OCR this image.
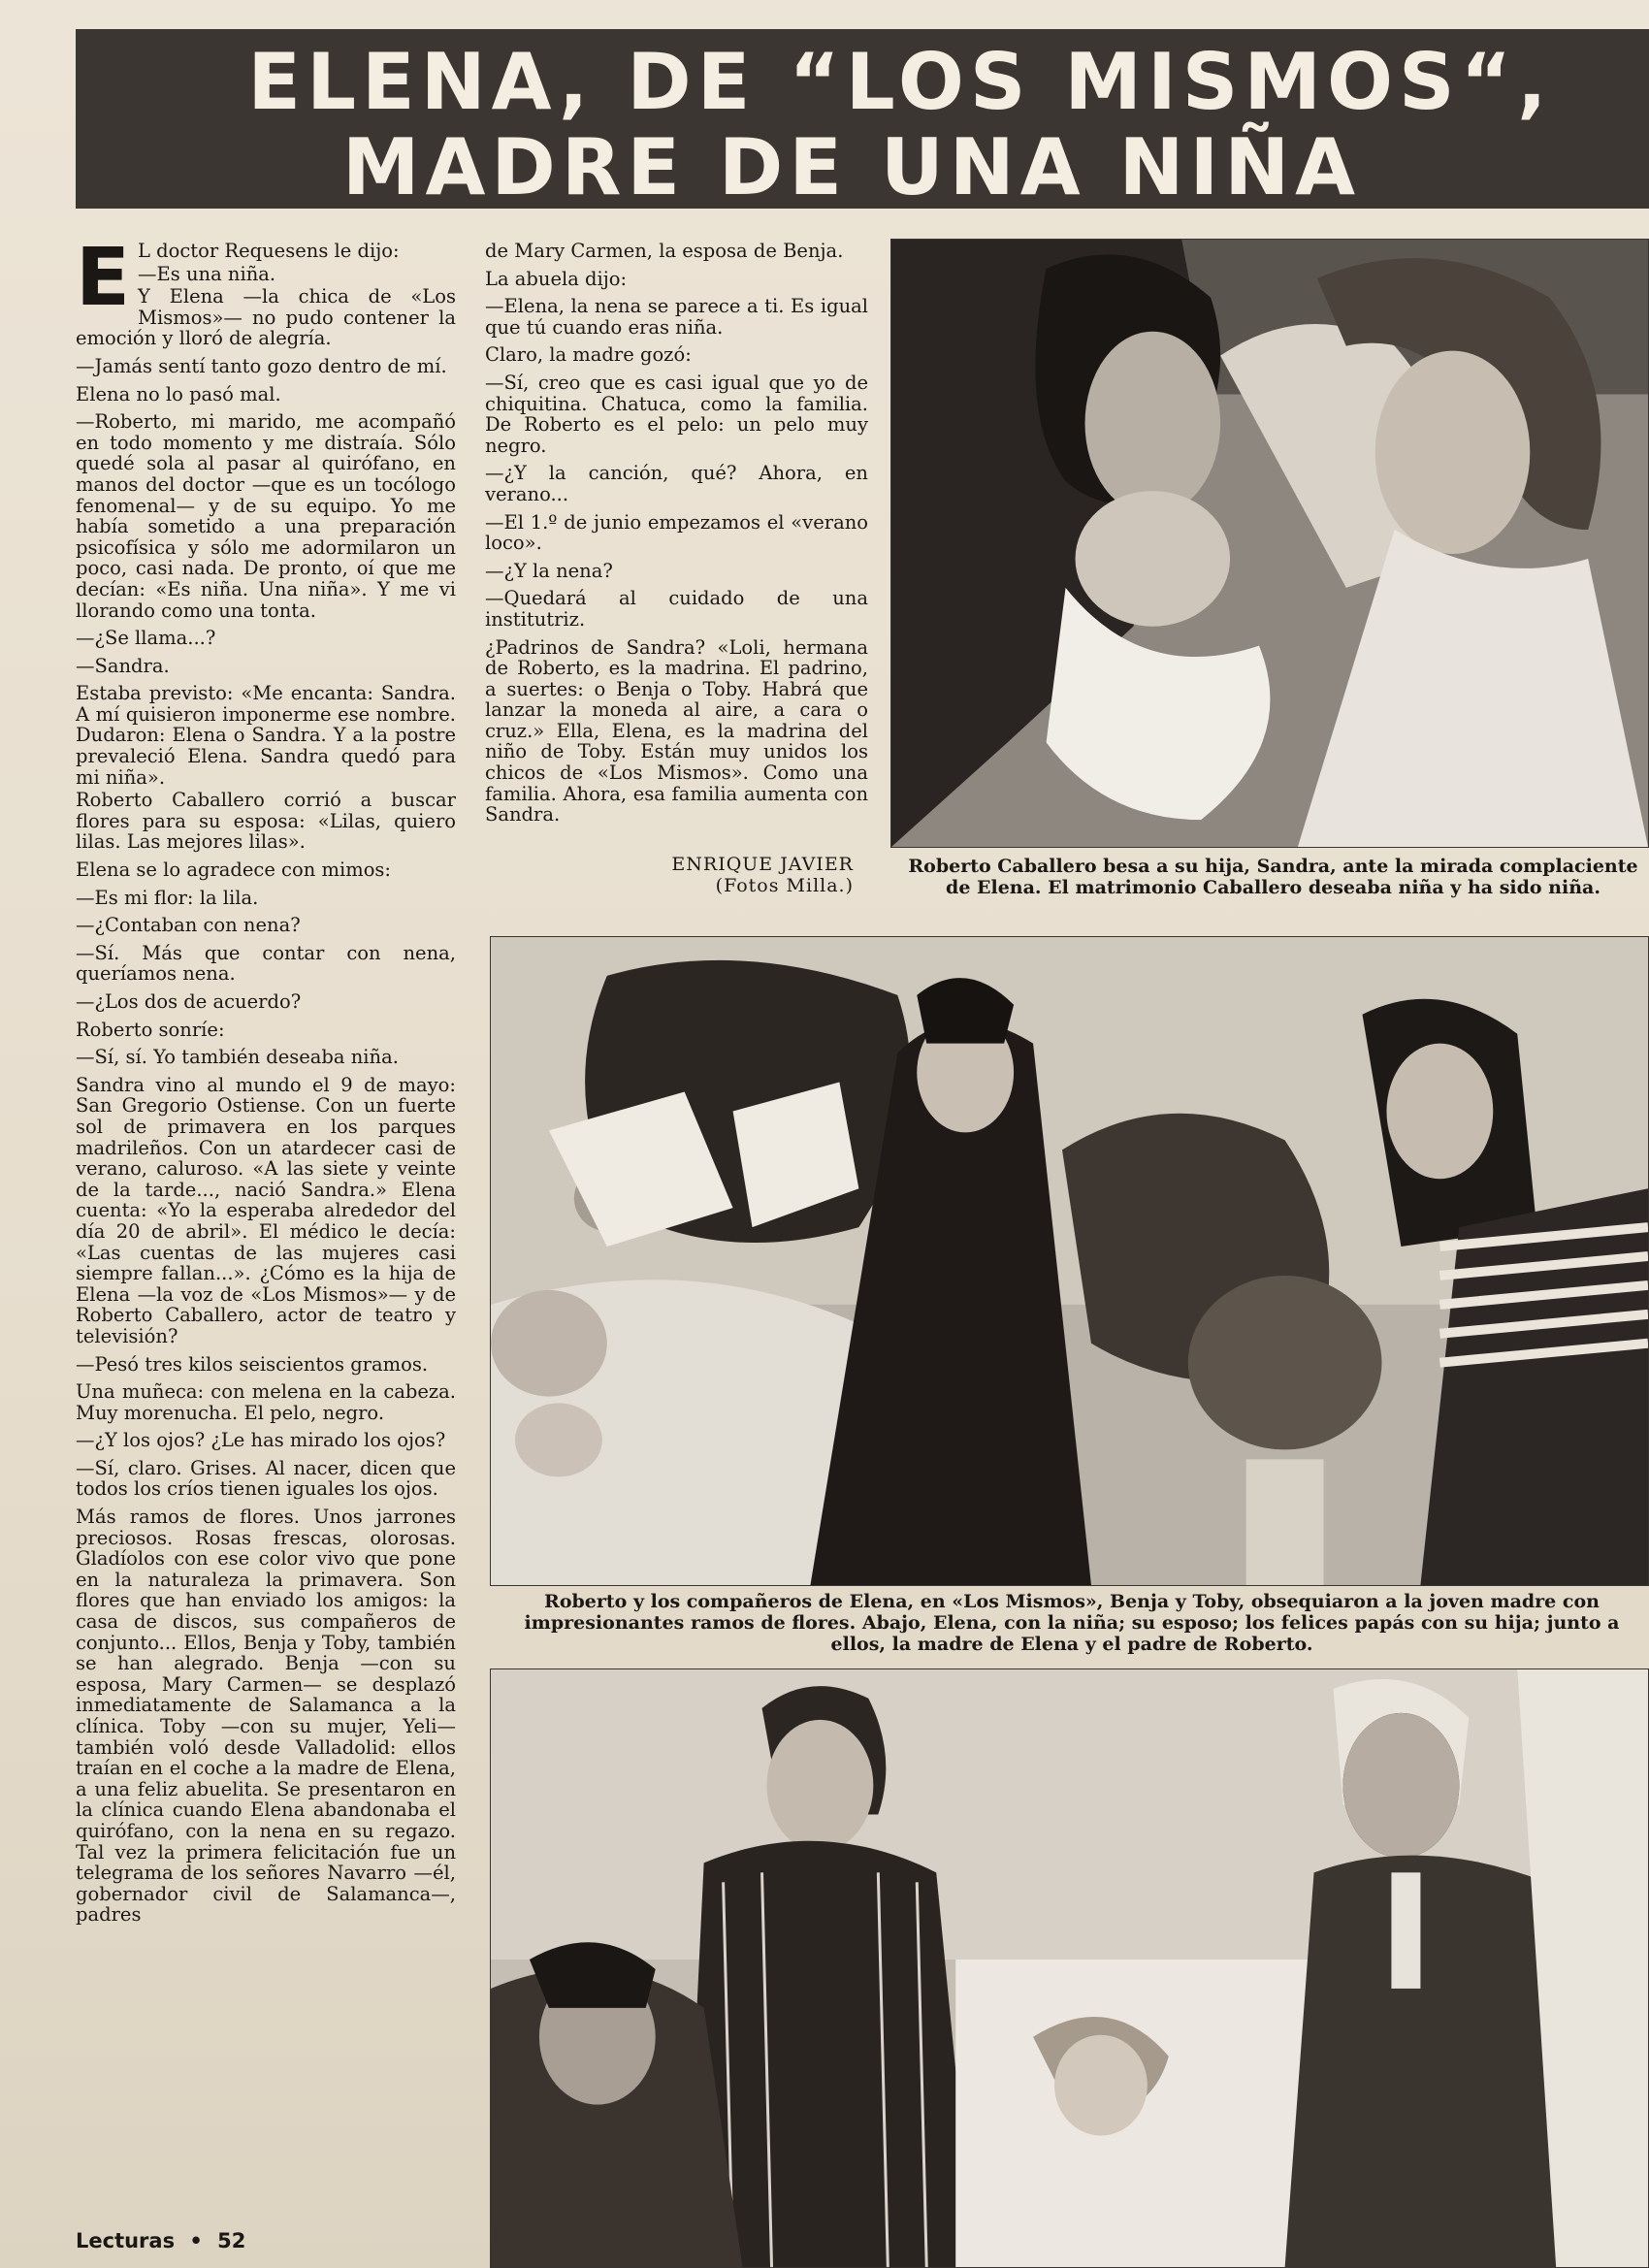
ELENA, DE “LOS MISMOS“,
MADRE DE UNA NIÑA
E L doctor Requesens le dijo:

—Es una niña.

Y Elena —la chica de «Los Mismos»— no pudo contener la emoción y lloró de alegría.

—Jamás sentí tanto gozo dentro de mí.

Elena no lo pasó mal.

—Roberto, mi marido, me acompañó en todo momento y me distraía. Sólo quedé sola al pasar al quirófano, en manos del doctor —que es un tocólogo fenomenal— y de su equipo. Yo me había sometido a una preparación psicofísica y sólo me adormilaron un poco, casi nada. De pronto, oí que me decían: «Es niña. Una niña». Y me vi llorando como una tonta.

—¿Se llama...?

—Sandra.

Estaba previsto: «Me encanta: Sandra. A mí quisieron imponerme ese nombre. Dudaron: Elena o Sandra. Y a la postre prevaleció Elena. Sandra quedó para mi niña».

Roberto Caballero corrió a buscar flores para su esposa: «Lilas, quiero lilas. Las mejores lilas».

Elena se lo agradece con mimos:

—Es mi flor: la lila.

—¿Contaban con nena?

—Sí. Más que contar con nena, queríamos nena.

—¿Los dos de acuerdo?

Roberto sonríe:

—Sí, sí. Yo también deseaba niña.

Sandra vino al mundo el 9 de mayo: San Gregorio Ostiense. Con un fuerte sol de primavera en los parques madrileños. Con un atardecer casi de verano, caluroso. «A las siete y veinte de la tarde..., nació Sandra.» Elena cuenta: «Yo la esperaba alrededor del día 20 de abril». El médico le decía: «Las cuentas de las mujeres casi siempre fallan...». ¿Cómo es la hija de Elena —la voz de «Los Mismos»— y de Roberto Caballero, actor de teatro y televisión?

—Pesó tres kilos seiscientos gramos.

Una muñeca: con melena en la cabeza. Muy morenucha. El pelo, negro.

—¿Y los ojos? ¿Le has mirado los ojos?

—Sí, claro. Grises. Al nacer, dicen que todos los críos tienen iguales los ojos.

Más ramos de flores. Unos jarrones preciosos. Rosas frescas, olorosas. Gladíolos con ese color vivo que pone en la naturaleza la primavera. Son flores que han enviado los amigos: la casa de discos, sus compañeros de conjunto... Ellos, Benja y Toby, también se han alegrado. Benja —con su esposa, Mary Carmen— se desplazó inmediatamente de Salamanca a la clínica. Toby —con su mujer, Yeli— también voló desde Valladolid: ellos traían en el coche a la madre de Elena, a una feliz abuelita. Se presentaron en la clínica cuando Elena abandonaba el quirófano, con la nena en su regazo. Tal vez la primera felicitación fue un telegrama de los señores Navarro —él, gobernador civil de Salamanca—, padres

de Mary Carmen, la esposa de Benja.

La abuela dijo:

—Elena, la nena se parece a ti. Es igual que tú cuando eras niña.

Claro, la madre gozó:

—Sí, creo que es casi igual que yo de chiquitina. Chatuca, como la familia. De Roberto es el pelo: un pelo muy negro.

—¿Y la canción, qué? Ahora, en verano...

—El 1.º de junio empezamos el «verano loco».

—¿Y la nena?

—Quedará al cuidado de una institutriz.

¿Padrinos de Sandra? «Loli, hermana de Roberto, es la madrina. El padrino, a suertes: o Benja o Toby. Habrá que lanzar la moneda al aire, a cara o cruz.» Ella, Elena, es la madrina del niño de Toby. Están muy unidos los chicos de «Los Mismos». Como una familia. Ahora, esa familia aumenta con Sandra.

ENRIQUE JAVIER
(Fotos Milla.)
Roberto Caballero besa a su hija, Sandra, ante la mirada complaciente de Elena. El matrimonio Caballero deseaba niña y ha sido niña.
Roberto y los compañeros de Elena, en «Los Mismos», Benja y Toby, obsequiaron a la joven madre con impresionantes ramos de flores. Abajo, Elena, con la niña; su esposo; los felices papás con su hija; junto a ellos, la madre de Elena y el padre de Roberto.
Lecturas • 52
